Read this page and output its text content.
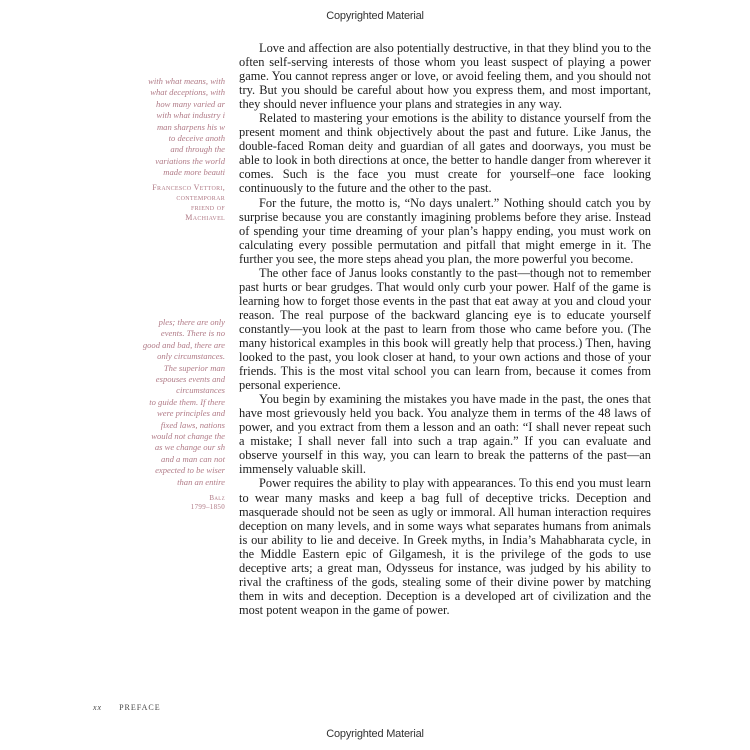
Copyrighted Material
with what means, with
what deceptions, with
how many varied ar
with what industry i
man sharpens his w
to deceive anoth
and through the
variations the world
made more beauti
Francesco Vettori,
contemporar
friend of
Machiavel
ples; there are only
events. There is no
good and bad, there are
only circumstances.
The superior man
espouses events and
circumstances
to guide them. If there
were principles and
fixed laws, nations
would not change the
as we change our sh
and a man can not
expected to be wiser
than an entire
Balz
1799–1850

Love and affection are also potentially destructive, in that they blind you to the often self-serving interests of those whom you least suspect of playing a power game. You cannot repress anger or love, or avoid feeling them, and you should not try. But you should be careful about how you express them, and most important, they should never influence your plans and strategies in any way.

Related to mastering your emotions is the ability to distance yourself from the present moment and think objectively about the past and future. Like Janus, the double-faced Roman deity and guardian of all gates and doorways, you must be able to look in both directions at once, the better to handle danger from wherever it comes. Such is the face you must create for yourself–one face looking continuously to the future and the other to the past.

For the future, the motto is, “No days unalert.” Nothing should catch you by surprise because you are constantly imagining problems before they arise. Instead of spending your time dreaming of your plan’s happy ending, you must work on calculating every possible permutation and pitfall that might emerge in it. The further you see, the more steps ahead you plan, the more powerful you become.

The other face of Janus looks constantly to the past—though not to remember past hurts or bear grudges. That would only curb your power. Half of the game is learning how to forget those events in the past that eat away at you and cloud your reason. The real purpose of the backward glancing eye is to educate yourself constantly—you look at the past to learn from those who came before you. (The many historical examples in this book will greatly help that process.) Then, having looked to the past, you look closer at hand, to your own actions and those of your friends. This is the most vital school you can learn from, because it comes from personal experience.

You begin by examining the mistakes you have made in the past, the ones that have most grievously held you back. You analyze them in terms of the 48 laws of power, and you extract from them a lesson and an oath: “I shall never repeat such a mistake; I shall never fall into such a trap again.” If you can evaluate and observe yourself in this way, you can learn to break the patterns of the past—an immensely valuable skill.

Power requires the ability to play with appearances. To this end you must learn to wear many masks and keep a bag full of deceptive tricks. Deception and masquerade should not be seen as ugly or immoral. All human interaction requires deception on many levels, and in some ways what separates humans from animals is our ability to lie and deceive. In Greek myths, in India’s Mahabharata cycle, in the Middle Eastern epic of Gilgamesh, it is the privilege of the gods to use deceptive arts; a great man, Odysseus for instance, was judged by his ability to rival the craftiness of the gods, stealing some of their divine power by matching them in wits and deception. Deception is a developed art of civilization and the most potent weapon in the game of power.

xx PREFACE
Copyrighted Material
